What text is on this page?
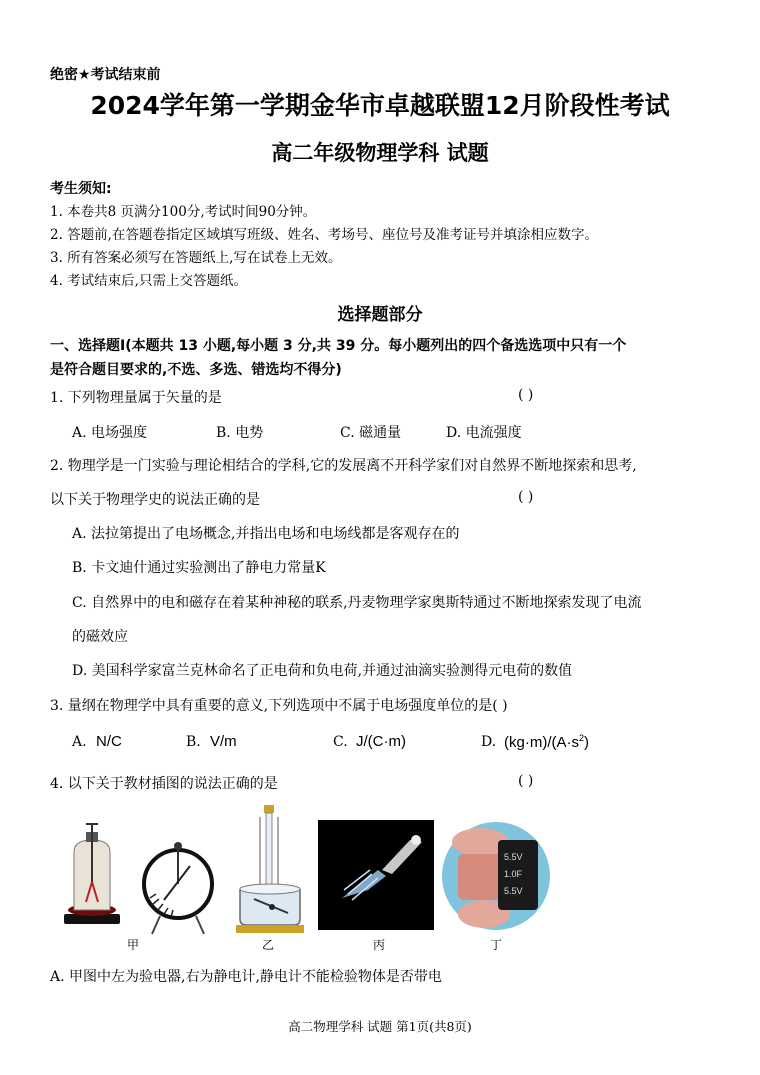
绝密★考试结束前
2024学年第一学期金华市卓越联盟12月阶段性考试
高二年级物理学科 试题
考生须知:
1. 本卷共8 页满分100分,考试时间90分钟。
2. 答题前,在答题卷指定区域填写班级、姓名、考场号、座位号及准考证号并填涂相应数字。
3. 所有答案必须写在答题纸上,写在试卷上无效。
4. 考试结束后,只需上交答题纸。
选择题部分
一、选择题Ⅰ(本题共 13 小题,每小题 3 分,共 39 分。每小题列出的四个备选选项中只有一个
是符合题目要求的,不选、多选、错选均不得分)
1. 下列物理量属于矢量的是	( )
A. 电场强度	B. 电势	C. 磁通量	D. 电流强度
2. 物理学是一门实验与理论相结合的学科,它的发展离不开科学家们对自然界不断地探索和思考,
以下关于物理学史的说法正确的是	( )
A. 法拉第提出了电场概念,并指出电场和电场线都是客观存在的
B. 卡文迪什通过实验测出了静电力常量K
C. 自然界中的电和磁存在着某种神秘的联系,丹麦物理学家奥斯特通过不断地探索发现了电流
的磁效应
D. 美国科学家富兰克林命名了正电荷和负电荷,并通过油滴实验测得元电荷的数值
3. 量纲在物理学中具有重要的意义,下列选项中不属于电场强度单位的是( )
A. N/C	B. V/m	C. J/(C·m)	D. $(kg\cdot m)/(A\cdot s^2)$
4. 以下关于教材插图的说法正确的是	( )
甲	乙	丙
5.5V
1.0F
5.5V
丁
A. 甲图中左为验电器,右为静电计,静电计不能检验物体是否带电
高二物理学科 试题 第1页(共8页)
